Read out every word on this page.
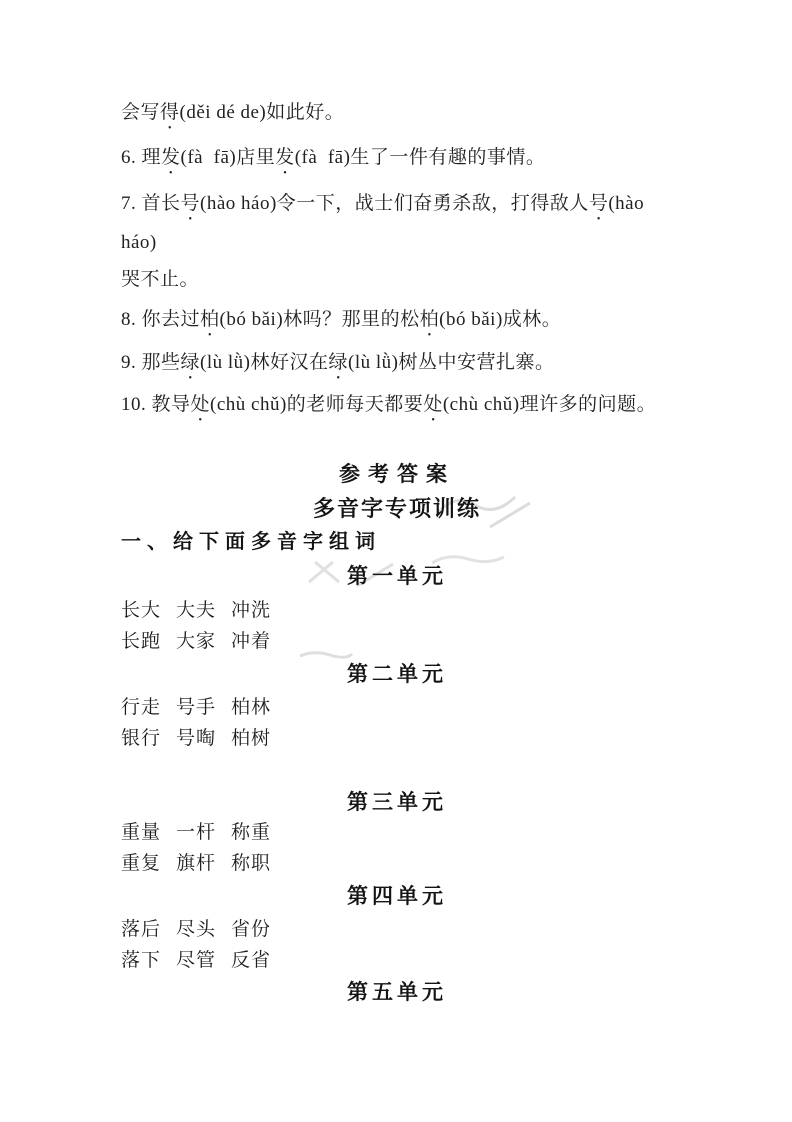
会写得(děi dé de)如此好。

6. 理发(fà  fā)店里发(fà  fā)生了一件有趣的事情。

7. 首长号(hào háo)令一下，战士们奋勇杀敌，打得敌人号(hào

háo)

哭不止。

8. 你去过柏(bó bǎi)林吗？那里的松柏(bó bǎi)成林。

9. 那些绿(lù lǜ)林好汉在绿(lù lǜ)树丛中安营扎寨。

10. 教导处(chù chǔ)的老师每天都要处(chù chǔ)理许多的问题。

参考答案
多音字专项训练
一、给下面多音字组词
第一单元
长大 大夫 冲洗
长跑 大家 冲着
第二单元
行走 号手 柏林
银行 号啕 柏树
第三单元
重量 一杆 称重
重复 旗杆 称职
第四单元
落后 尽头 省份
落下 尽管 反省
第五单元
